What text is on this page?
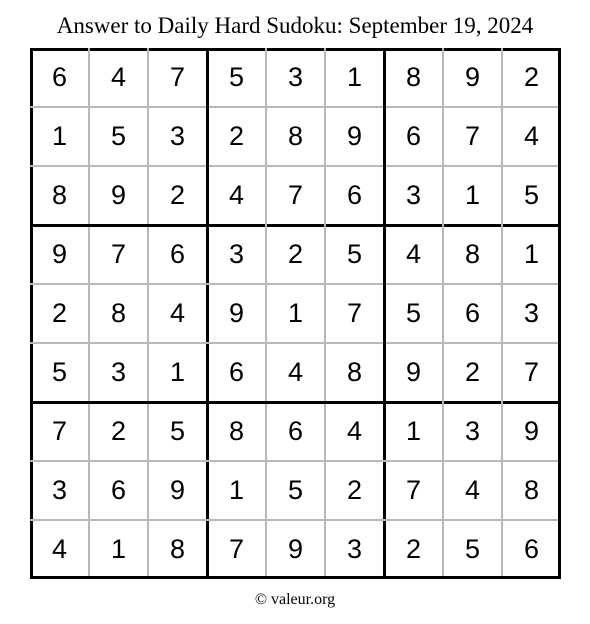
Answer to Daily Hard Sudoku: September 19, 2024
6	4	7	5	3	1	8	9	2
1	5	3	2	8	9	6	7	4
8	9	2	4	7	6	3	1	5
9	7	6	3	2	5	4	8	1
2	8	4	9	1	7	5	6	3
5	3	1	6	4	8	9	2	7
7	2	5	8	6	4	1	3	9
3	6	9	1	5	2	7	4	8
4	1	8	7	9	3	2	5	6
© valeur.org
